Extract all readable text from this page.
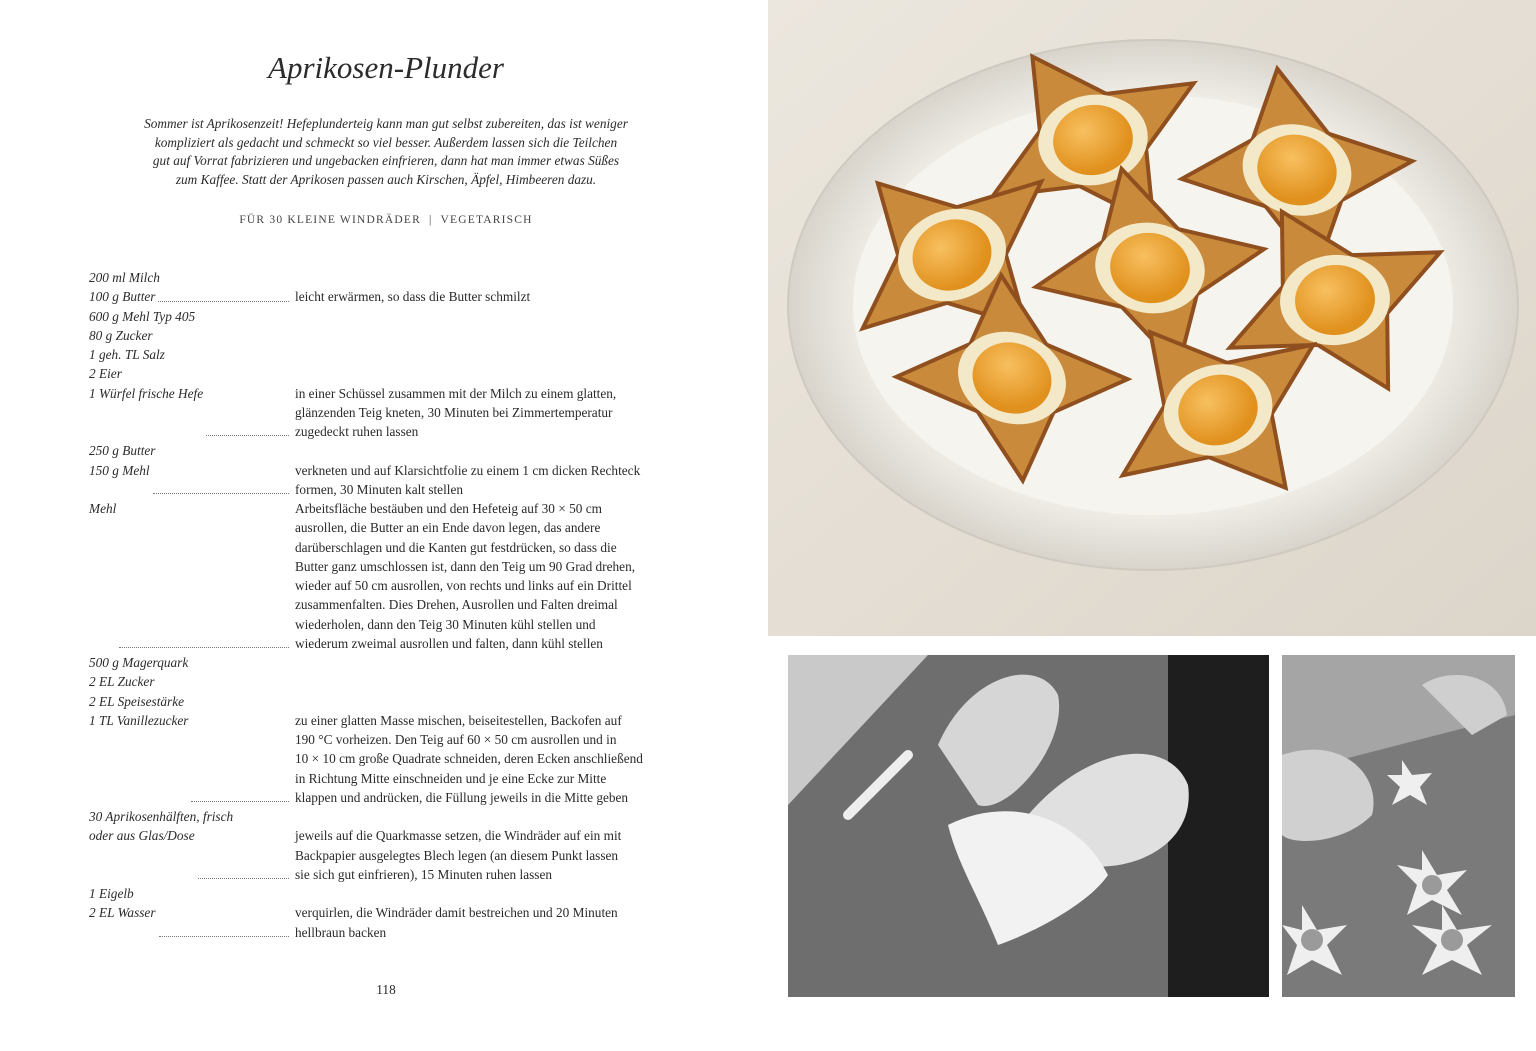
Aprikosen-Plunder
Sommer ist Aprikosenzeit! Hefeplunderteig kann man gut selbst zubereiten, das ist weniger
kompliziert als gedacht und schmeckt so viel besser. Außerdem lassen sich die Teilchen
gut auf Vorrat fabrizieren und ungebacken einfrieren, dann hat man immer etwas Süßes
zum Kaffee. Statt der Aprikosen passen auch Kirschen, Äpfel, Himbeeren dazu.
FÜR 30 KLEINE WINDRÄDER | VEGETARISCH
200 ml Milch
100 g Butter	leicht erwärmen, so dass die Butter schmilzt
600 g Mehl Typ 405
80 g Zucker
1 geh. TL Salz
2 Eier
1 Würfel frische Hefe	in einer Schüssel zusammen mit der Milch zu einem glatten,
glänzenden Teig kneten, 30 Minuten bei Zimmertemperatur
zugedeckt ruhen lassen
250 g Butter
150 g Mehl	verkneten und auf Klarsichtfolie zu einem 1 cm dicken Rechteck
formen, 30 Minuten kalt stellen
Mehl	Arbeitsfläche bestäuben und den Hefeteig auf 30 × 50 cm
ausrollen, die Butter an ein Ende davon legen, das andere
darüberschlagen und die Kanten gut festdrücken, so dass die
Butter ganz umschlossen ist, dann den Teig um 90 Grad drehen,
wieder auf 50 cm ausrollen, von rechts und links auf ein Drittel
zusammenfalten. Dies Drehen, Ausrollen und Falten dreimal
wiederholen, dann den Teig 30 Minuten kühl stellen und
wiederum zweimal ausrollen und falten, dann kühl stellen
500 g Magerquark
2 EL Zucker
2 EL Speisestärke
1 TL Vanillezucker	zu einer glatten Masse mischen, beiseitestellen, Backofen auf
190 °C vorheizen. Den Teig auf 60 × 50 cm ausrollen und in
10 × 10 cm große Quadrate schneiden, deren Ecken anschließend
in Richtung Mitte einschneiden und je eine Ecke zur Mitte
klappen und andrücken, die Füllung jeweils in die Mitte geben
30 Aprikosenhälften, frisch
oder aus Glas/Dose	jeweils auf die Quarkmasse setzen, die Windräder auf ein mit
Backpapier ausgelegtes Blech legen (an diesem Punkt lassen
sie sich gut einfrieren), 15 Minuten ruhen lassen
1 Eigelb
2 EL Wasser	verquirlen, die Windräder damit bestreichen und 20 Minuten
hellbraun backen
118
